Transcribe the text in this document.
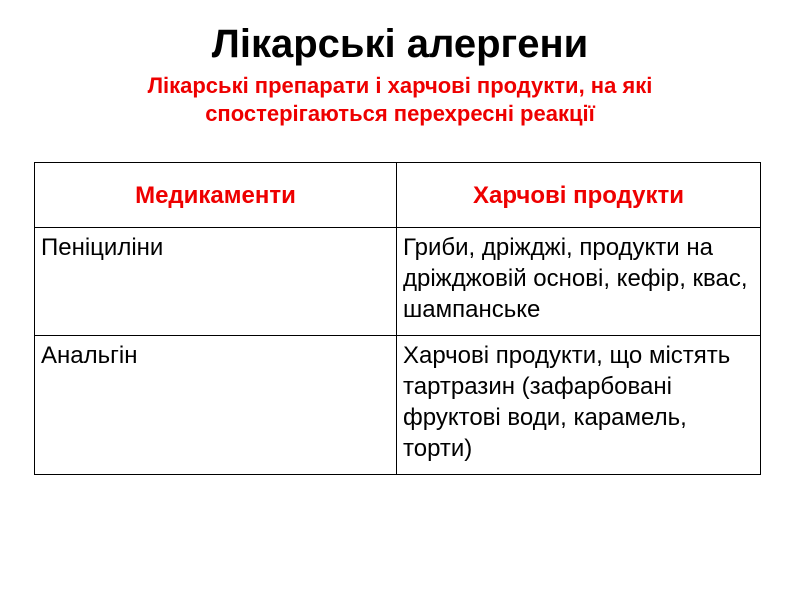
Лікарські алергени
Лікарські препарати і харчові продукти, на які спостерігаються перехресні реакції
Медикаменти	Харчові продукти
Пеніциліни	Гриби, дріжджі, продукти на дріжджовій основі, кефір, квас, шампанське
Анальгін	Харчові продукти, що містять тартразин (зафарбовані фруктові води, карамель, торти)
